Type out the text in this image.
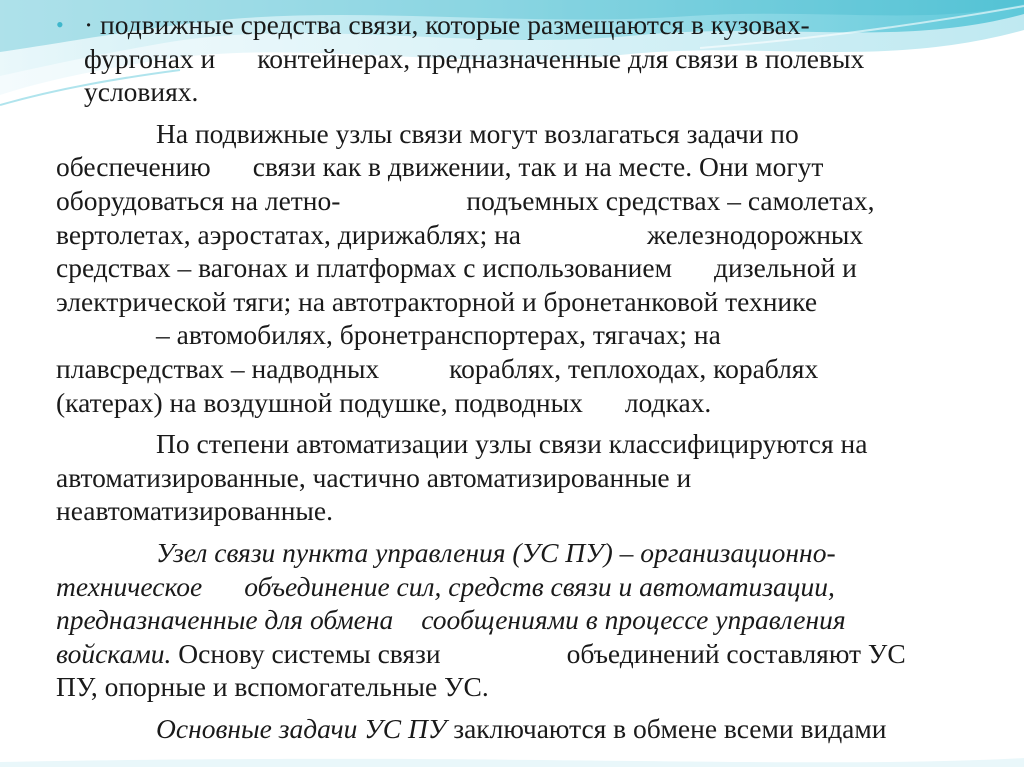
• · подвижные средства связи, которые размещаются в кузовах-
фургонах и контейнерах, предназначенные для связи в полевых
условиях.

На подвижные узлы связи могут возлагаться задачи по
обеспечению связи как в движении, так и на месте. Они могут
оборудоваться на летно-	подъемных средствах – самолетах,
вертолетах, аэростатах, дирижаблях; на	железнодорожных
средствах – вагонах и платформах с использованием дизельной и
электрической тяги; на автотракторной и бронетанковой технике
– автомобилях, бронетранспортерах, тягачах; на
плавсредствах – надводных	кораблях, теплоходах, кораблях
(катерах) на воздушной подушке, подводных лодках.

По степени автоматизации узлы связи классифицируются на
автоматизированные, частично автоматизированные и
неавтоматизированные.

Узел связи пункта управления (УС ПУ) – организационно-
техническое объединение сил, средств связи и автоматизации,
предназначенные для обмена сообщениями в процессе управления
войсками. Основу системы связи	объединений составляют УС
ПУ, опорные и вспомогательные УС.

Основные задачи УС ПУ заключаются в обмене всеми видами
